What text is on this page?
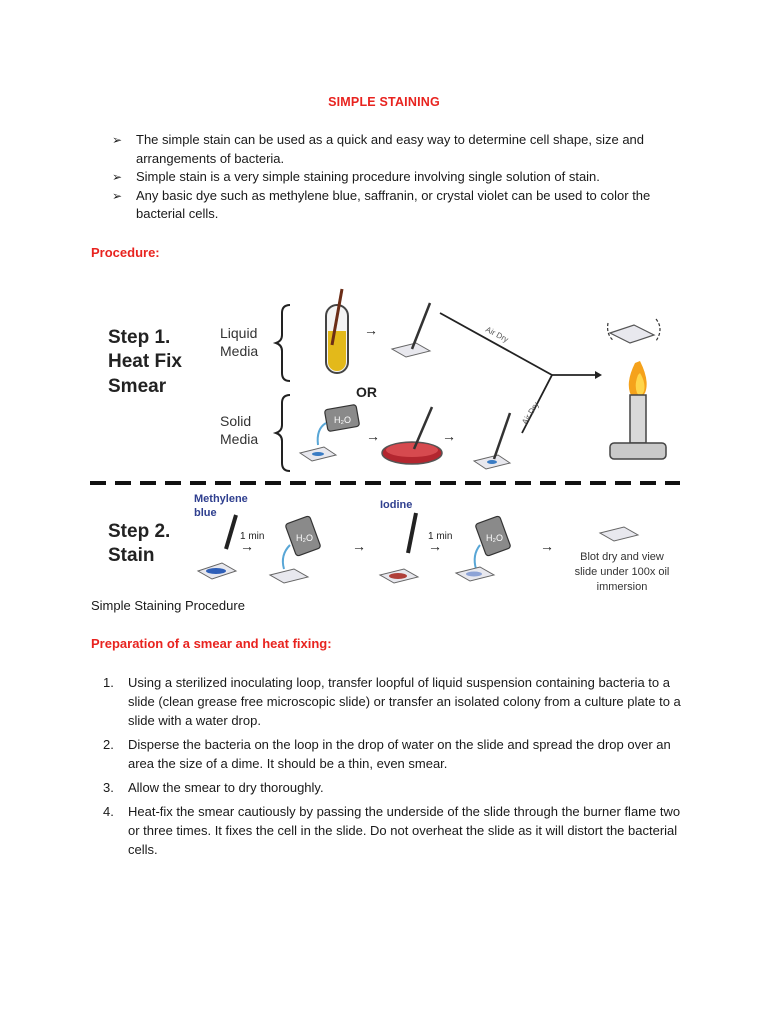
SIMPLE STAINING
➢ The simple stain can be used as a quick and easy way to determine cell shape, size and arrangements of bacteria.
➢ Simple stain is a very simple staining procedure involving single solution of stain.
➢ Any basic dye such as methylene blue, saffranin, or crystal violet can be used to color the bacterial cells.
Procedure:
Step 1.
Heat Fix
Smear
Liquid
Media
Solid
Media
→	Air Dry
Air Dry
OR
H₂O
→	→
Step 2.
Stain
Methylene
blue
Iodine
1 min
→	H₂O	→
1 min
→	H₂O	→
Blot dry and view
slide under 100x oil
immersion
Simple Staining Procedure
Preparation of a smear and heat fixing:
1. Using a sterilized inoculating loop, transfer loopful of liquid suspension containing bacteria to a slide (clean grease free microscopic slide) or transfer an isolated colony from a culture plate to a slide with a water drop.
2. Disperse the bacteria on the loop in the drop of water on the slide and spread the drop over an area the size of a dime. It should be a thin, even smear.
3. Allow the smear to dry thoroughly.
4. Heat-fix the smear cautiously by passing the underside of the slide through the burner flame two or three times. It fixes the cell in the slide. Do not overheat the slide as it will distort the bacterial cells.
